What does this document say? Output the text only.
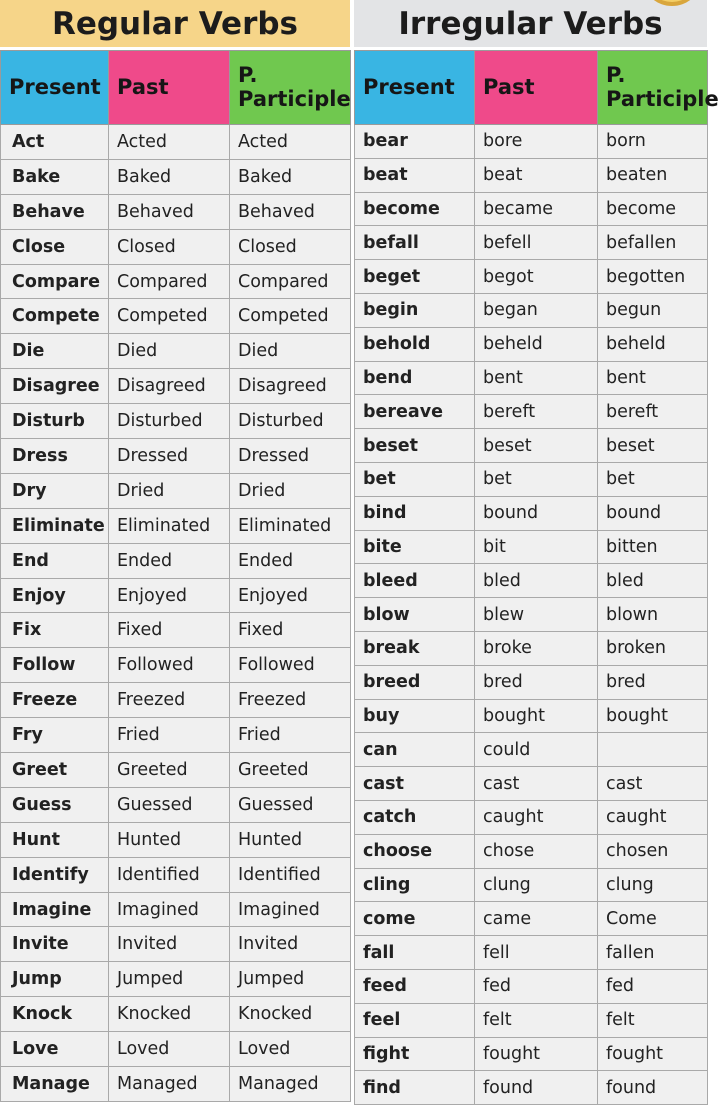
Regular Verbs
Present	Past	P. Participle
Act	Acted	Acted
Bake	Baked	Baked
Behave	Behaved	Behaved
Close	Closed	Closed
Compare	Compared	Compared
Compete	Competed	Competed
Die	Died	Died
Disagree	Disagreed	Disagreed
Disturb	Disturbed	Disturbed
Dress	Dressed	Dressed
Dry	Dried	Dried
Eliminate	Eliminated	Eliminated
End	Ended	Ended
Enjoy	Enjoyed	Enjoyed
Fix	Fixed	Fixed
Follow	Followed	Followed
Freeze	Freezed	Freezed
Fry	Fried	Fried
Greet	Greeted	Greeted
Guess	Guessed	Guessed
Hunt	Hunted	Hunted
Identify	Identified	Identified
Imagine	Imagined	Imagined
Invite	Invited	Invited
Jump	Jumped	Jumped
Knock	Knocked	Knocked
Love	Loved	Loved
Manage	Managed	Managed
Irregular Verbs
Present	Past	P. Participle
bear	bore	born
beat	beat	beaten
become	became	become
befall	befell	befallen
beget	begot	begotten
begin	began	begun
behold	beheld	beheld
bend	bent	bent
bereave	bereft	bereft
beset	beset	beset
bet	bet	bet
bind	bound	bound
bite	bit	bitten
bleed	bled	bled
blow	blew	blown
break	broke	broken
breed	bred	bred
buy	bought	bought
can	could	
cast	cast	cast
catch	caught	caught
choose	chose	chosen
cling	clung	clung
come	came	Come
fall	fell	fallen
feed	fed	fed
feel	felt	felt
fight	fought	fought
find	found	found
